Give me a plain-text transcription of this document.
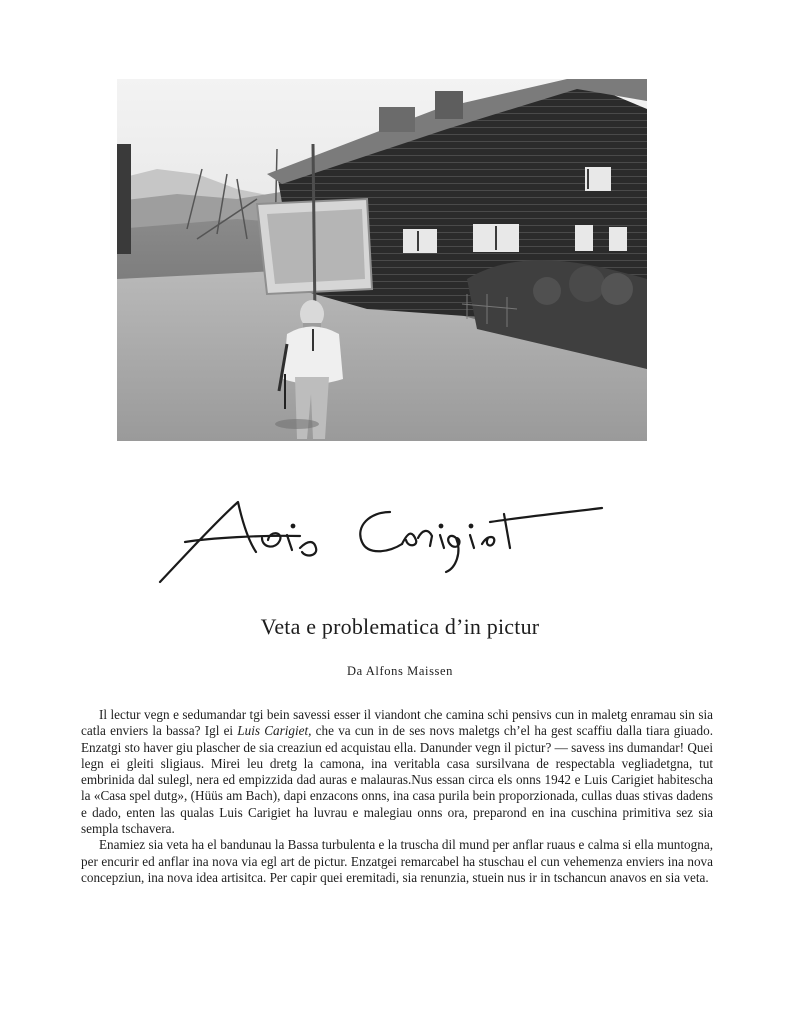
Veta e problematica d’in pictur
Da Alfons Maissen

Il lectur vegn e sedumandar tgi bein savessi esser il viandont che camina schi pensivs cun in maletg enramau sin sia catla enviers la bassa? Igl ei Luis Carigiet, che va cun in de ses novs maletgs ch’el ha gest scaffiu dalla tiara giuado. Enzatgi sto haver giu plascher de sia creaziun ed acquistau ella. Danunder vegn il pictur? — savess ins dumandar! Quei legn ei gleiti sligiaus. Mirei leu dretg la camona, ina veritabla casa sursilvana de respectabla vegliadetgna, tut embrinida dal sulegl, nera ed empizzida dad auras e malauras.Nus essan circa els onns 1942 e Luis Carigiet habitescha la «Casa spel dutg», (Hüüs am Bach), dapi enzacons onns, ina casa purila bein proporzionada, cullas duas stivas dadens e dado, enten las qualas Luis Carigiet ha luvrau e malegiau onns ora, preparond en ina cuschina primitiva sez sia sempla tschavera.

Enamiez sia veta ha el bandunau la Bassa turbulenta e la truscha dil mund per anflar ruaus e calma si ella muntogna, per encurir ed anflar ina nova via egl art de pictur. Enzatgei remarcabel ha stuschau el cun vehemenza enviers ina nova concepziun, ina nova idea artisitca. Per capir quei eremitadi, sia renunzia, stuein nus ir in tschancun anavos en sia veta.
